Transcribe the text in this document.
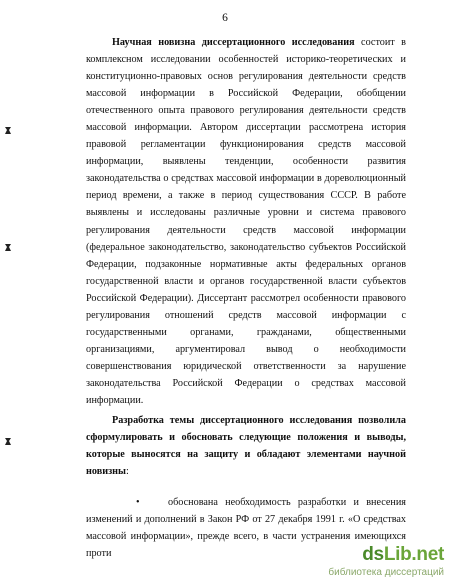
6

Научная новизна диссертационного исследования состоит в комплексном исследовании особенностей историко-теоретических и конституционно-правовых основ регулирования деятельности средств массовой информации в Российской Федерации, обобщении отечественного опыта правового регулирования деятельности средств массовой информации. Автором диссертации рассмотрена история правовой регламентации функционирования средств массовой информации, выявлены тенденции, особенности развития законодательства о средствах массовой информации в дореволюционный период времени, а также в период существования СССР. В работе выявлены и исследованы различные уровни и система правового регулирования деятельности средств массовой информации (федеральное законодательство, законодательство субъектов Российской Федерации, подзаконные нормативные акты федеральных органов государственной власти и органов государственной власти субъектов Российской Федерации). Диссертант рассмотрел особенности правового регулирования отношений средств массовой информации с государственными органами, гражданами, общественными организациями, аргументировал вывод о необходимости совершенствования юридической ответственности за нарушение законодательства Российской Федерации о средствах массовой информации.

Разработка темы диссертационного исследования позволила сформулировать и обосновать следующие положения и выводы, которые выносятся на защиту и обладают элементами научной новизны:

•	обоснована необходимость разработки и внесения изменений и дополнений в Закон РФ от 27 декабря 1991 г. «О средствах массовой информации», прежде всего, в части устранения имеющихся проти	dsLib.net
библиотека диссертаций
